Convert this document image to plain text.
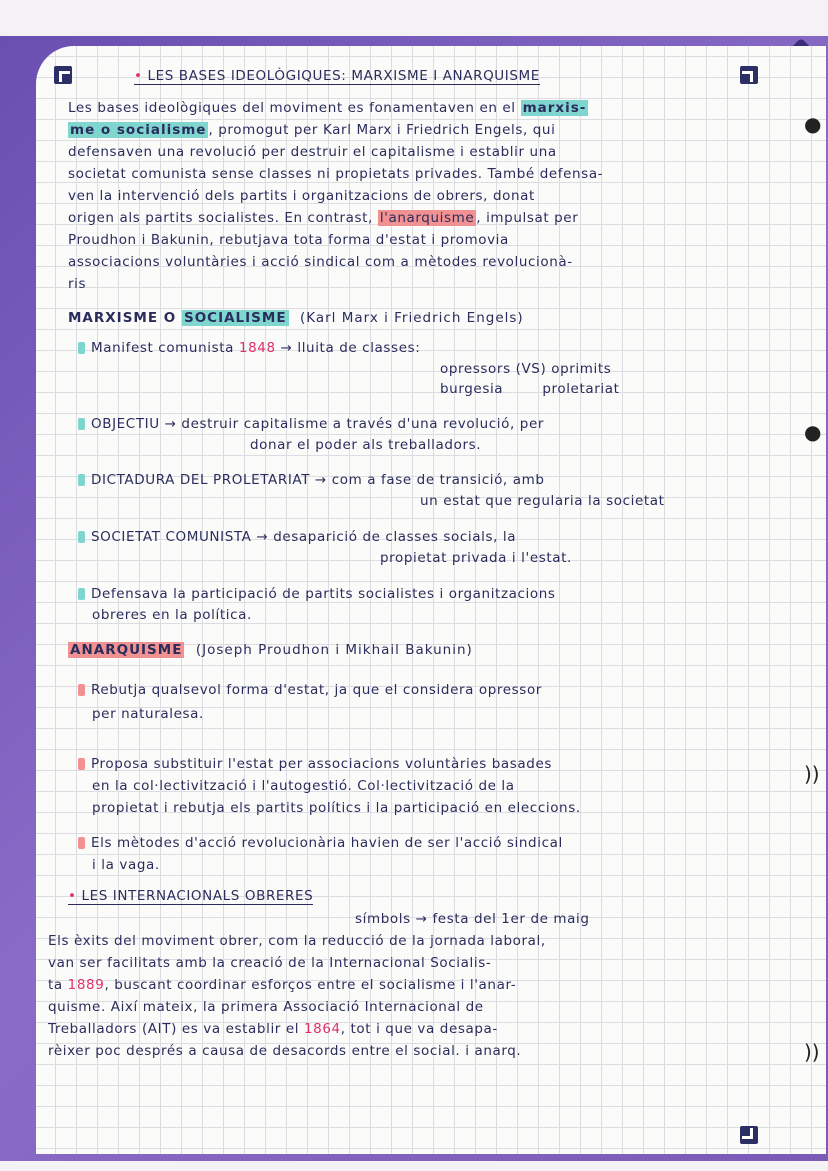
●
●
))
))
• LES BASES IDEOLÒGIQUES: MARXISME I ANARQUISME
Les bases ideològiques del moviment es fonamentaven en el marxis-
me o socialisme , promogut per Karl Marx i Friedrich Engels, qui
defensaven una revolució per destruir el capitalisme i establir una
societat comunista sense classes ni propietats privades. També defensa-
ven la intervenció dels partits i organitzacions de obrers, donat
origen als partits socialistes. En contrast, l'anarquisme , impulsat per
Proudhon i Bakunin, rebutjava tota forma d'estat i promovia
associacions voluntàries i acció sindical com a mètodes revolucionà-
ris
MARXISME O SOCIALISME (Karl Marx i Friedrich Engels)
Manifest comunista 1848 → lluita de classes:
opressors (VS) oprimits
burgesia	proletariat
OBJECTIU → destruir capitalisme a través d'una revolució, per
donar el poder als treballadors.
DICTADURA DEL PROLETARIAT → com a fase de transició, amb
un estat que regularia la societat
SOCIETAT COMUNISTA → desaparició de classes socials, la
propietat privada i l'estat.
Defensava la participació de partits socialistes i organitzacions
obreres en la política.
ANARQUISME (Joseph Proudhon i Mikhail Bakunin)
Rebutja qualsevol forma d'estat, ja que el considera opressor
per naturalesa.
Proposa substituir l'estat per associacions voluntàries basades
en la col·lectivització i l'autogestió. Col·lectivització de la
propietat i rebutja els partits polítics i la participació en eleccions.
Els mètodes d'acció revolucionària havien de ser l'acció sindical
i la vaga.
• LES INTERNACIONALS OBRERES
símbols → festa del 1er de maig
Els èxits del moviment obrer, com la reducció de la jornada laboral,
van ser facilitats amb la creació de la Internacional Socialis-
ta 1889, buscant coordinar esforços entre el socialisme i l'anar-
quisme. Així mateix, la primera Associació Internacional de
Treballadors (AIT) es va establir el 1864, tot i que va desapa-
rèixer poc després a causa de desacords entre el social. i anarq.
